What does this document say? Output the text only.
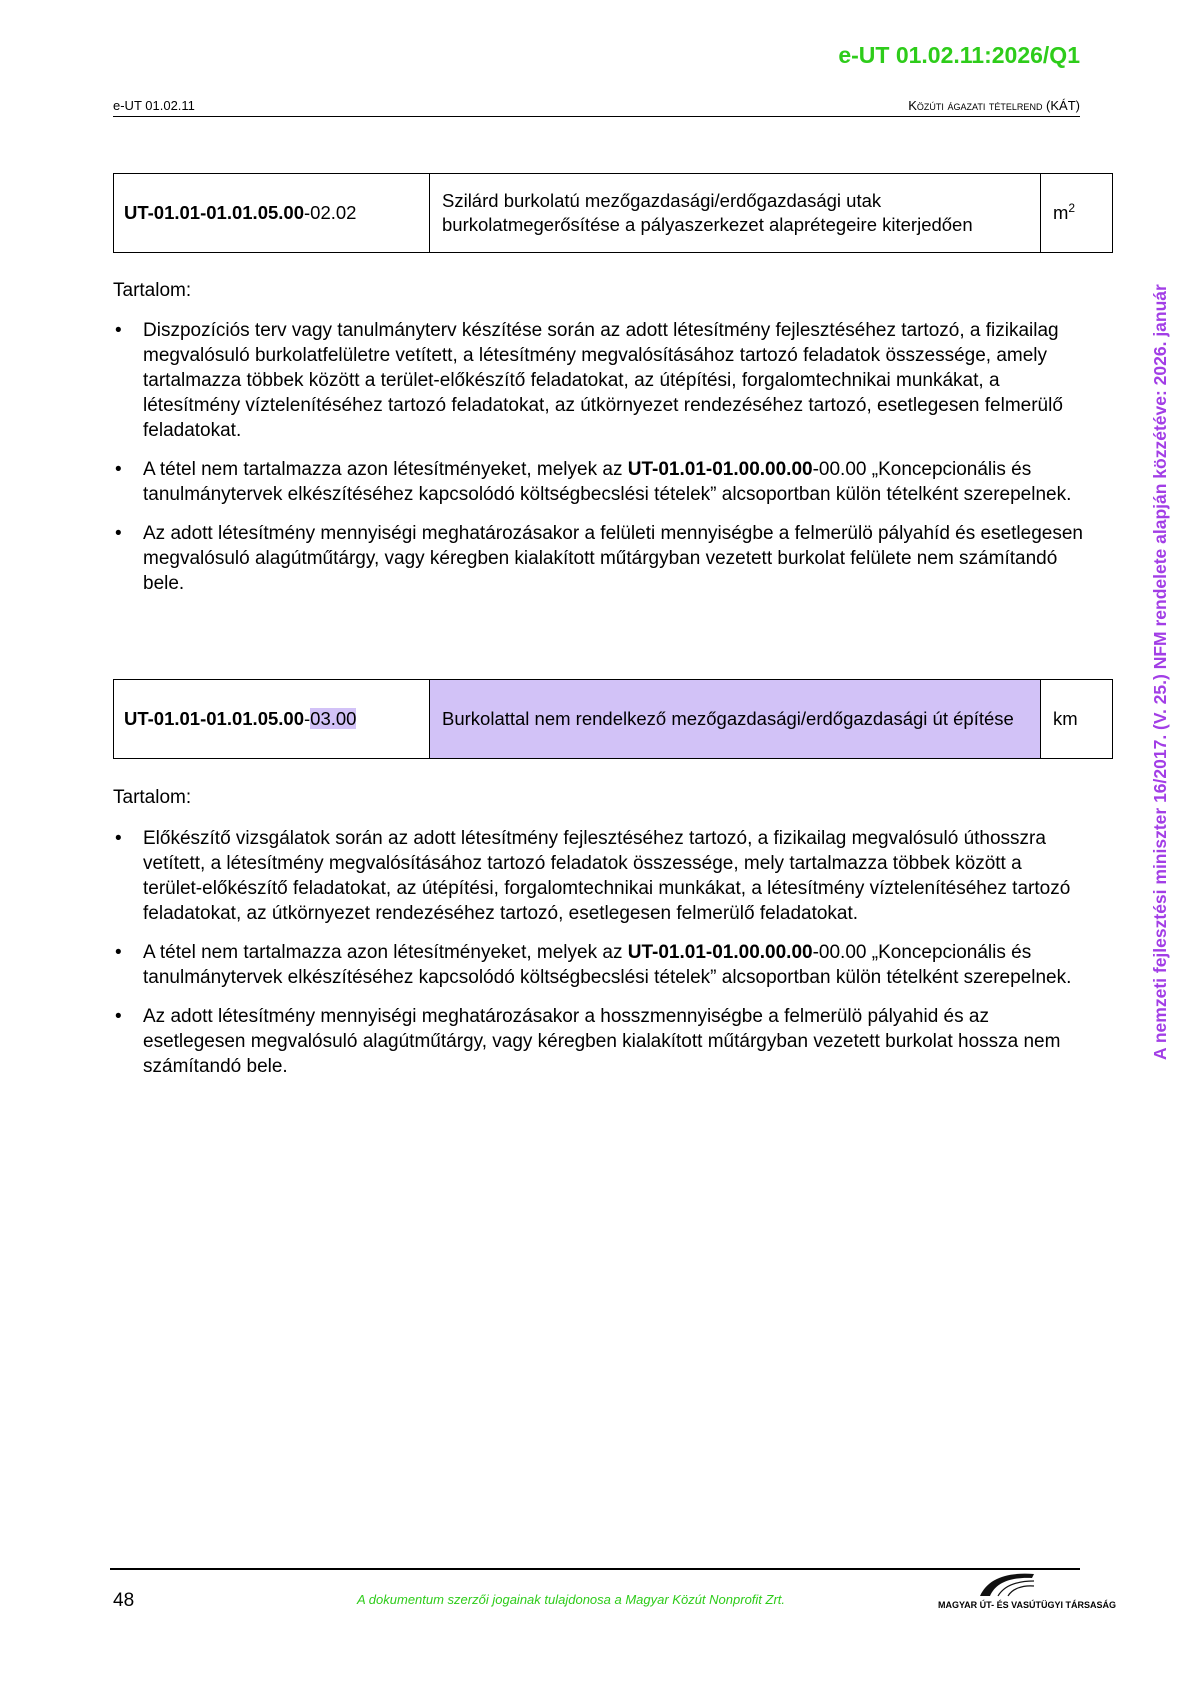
e-UT 01.02.11:2026/Q1
e-UT 01.02.11	Közúti ágazati tételrend (KÁT)
A nemzeti fejlesztési miniszter 16/2017. (V. 25.) NFM rendelete alapján közzétéve: 2026. január
UT-01.01-01.01.05.00-02.02	Szilárd burkolatú mezőgazdasági/erdőgazdasági utak burkolatmegerősítése a pályaszerkezet alaprétegeire kiterjedően	$m^2$
Tartalom:
• Diszpozíciós terv vagy tanulmányterv készítése során az adott létesítmény fejlesztéséhez tartozó, a fizikailag megvalósuló burkolatfelületre vetített, a létesítmény megvalósításához tartozó feladatok összessége, amely tartalmazza többek között a terület-előkészítő feladatokat, az útépítési, forgalomtechnikai munkákat, a létesítmény víztelenítéséhez tartozó feladatokat, az útkörnyezet rendezéséhez tartozó, esetlegesen felmerülő feladatokat.
• A tétel nem tartalmazza azon létesítményeket, melyek az UT-01.01-01.00.00.00-00.00 „Koncepcionális és tanulmánytervek elkészítéséhez kapcsolódó költségbecslési tételek” alcsoportban külön tételként szerepelnek.
• Az adott létesítmény mennyiségi meghatározásakor a felületi mennyiségbe a felmerülö pályahíd és esetlegesen megvalósuló alagútműtárgy, vagy kéregben kialakított műtárgyban vezetett burkolat felülete nem számítandó bele.
UT-01.01-01.01.05.00-03.00	Burkolattal nem rendelkező mezőgazdasági/erdőgazdasági út építése	km
Tartalom:
• Előkészítő vizsgálatok során az adott létesítmény fejlesztéséhez tartozó, a fizikailag megvalósuló úthosszra vetített, a létesítmény megvalósításához tartozó feladatok összessége, mely tartalmazza többek között a terület-előkészítő feladatokat, az útépítési, forgalomtechnikai munkákat, a létesítmény víztelenítéséhez tartozó feladatokat, az útkörnyezet rendezéséhez tartozó, esetlegesen felmerülő feladatokat.
• A tétel nem tartalmazza azon létesítményeket, melyek az UT-01.01-01.00.00.00-00.00 „Koncepcionális és tanulmánytervek elkészítéséhez kapcsolódó költségbecslési tételek” alcsoportban külön tételként szerepelnek.
• Az adott létesítmény mennyiségi meghatározásakor a hosszmennyiségbe a felmerülö pályahid és az esetlegesen megvalósuló alagútműtárgy, vagy kéregben kialakított műtárgyban vezetett burkolat hossza nem számítandó bele.
48	A dokumentum szerzői jogainak tulajdonosa a Magyar Közút Nonprofit Zrt.	MAGYAR ÚT- ÉS VASÚTÜGYI TÁRSASÁG
